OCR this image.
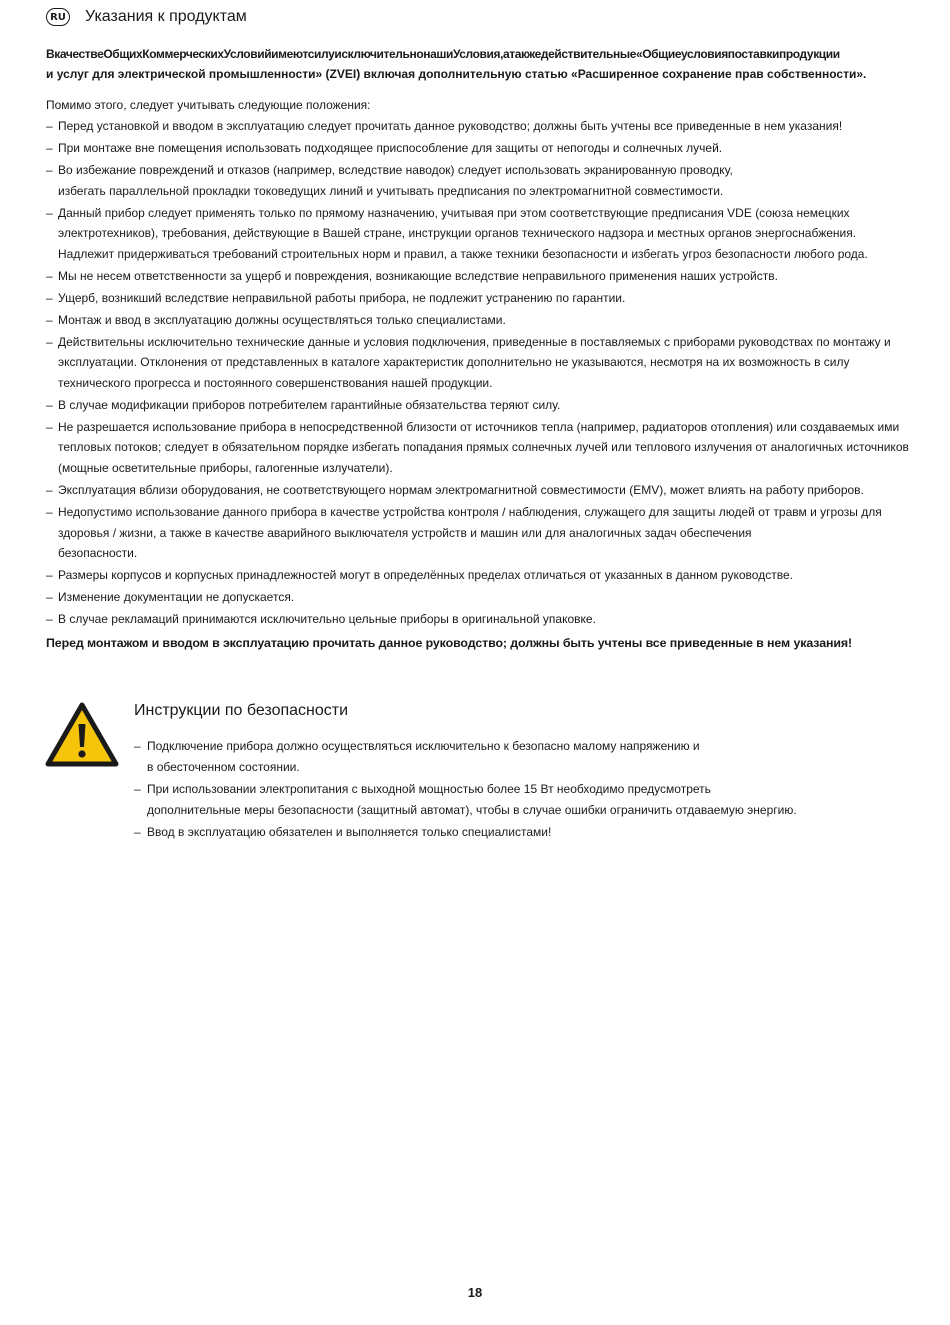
RU Указания к продуктам
ВкачествеОбщихКоммерческихУсловийимеютсилуисключительнонашиУсловия,атакжедействительные«Общиеусловияпоставкипродукции
и услуг для электрической промышленности» (ZVEI) включая дополнительную статью «Расширенное сохранение прав собственности».
Помимо этого, следует учитывать следующие положения:
– Перед установкой и вводом в эксплуатацию следует прочитать данное руководство; должны быть учтены все приведенные в нем указания!
– При монтаже вне помещения использовать подходящее приспособление для защиты от непогоды и солнечных лучей.
– Во избежание повреждений и отказов (например, вследствие наводок) следует использовать экранированную проводку,
избегать параллельной прокладки токоведущих линий и учитывать предписания по электромагнитной совместимости.
– Данный прибор следует применять только по прямому назначению, учитывая при этом соответствующие предписания VDE (союза немецких
электротехников), требования, действующие в Вашей стране, инструкции органов технического надзора и местных органов энергоснабжения.
Надлежит придерживаться требований строительных норм и правил, а также техники безопасности и избегать угроз безопасности любого рода.
– Мы не несем ответственности за ущерб и повреждения, возникающие вследствие неправильного применения наших устройств.
– Ущерб, возникший вследствие неправильной работы прибора, не подлежит устранению по гарантии.
– Монтаж и ввод в эксплуатацию должны осуществляться только специалистами.
– Действительны исключительно технические данные и условия подключения, приведенные в поставляемых с приборами руководствах по монтажу и
эксплуатации. Отклонения от представленных в каталоге характеристик дополнительно не указываются, несмотря на их возможность в силу
технического прогресса и постоянного совершенствования нашей продукции.
– В случае модификации приборов потребителем гарантийные обязательства теряют силу.
– Не разрешается использование прибора в непосредственной близости от источников тепла (например, радиаторов отопления) или создаваемых ими
тепловых потоков; следует в обязательном порядке избегать попадания прямых солнечных лучей или теплового излучения от аналогичных источников
(мощные осветительные приборы, галогенные излучатели).
– Эксплуатация вблизи оборудования, не соответствующего нормам электромагнитной совместимости (EMV), может влиять на работу приборов.
– Недопустимо использование данного прибора в качестве устройства контроля / наблюдения, служащего для защиты людей от травм и угрозы для
здоровья / жизни, а также в качестве аварийного выключателя устройств и машин или для аналогичных задач обеспечения
безопасности.
– Размеры корпусов и корпусных принадлежностей могут в определённых пределах отличаться от указанных в данном руководстве.
– Изменение документации не допускается.
– В случае рекламаций принимаются исключительно цельные приборы в оригинальной упаковке.
Перед монтажом и вводом в эксплуатацию прочитать данное руководство; должны быть учтены все приведенные в нем указания!
Инструкции по безопасности
– Подключение прибора должно осуществляться исключительно к безопасно малому напряжению и
в обесточенном состоянии.
– При использовании электропитания с выходной мощностью более 15 Вт необходимо предусмотреть
дополнительные меры безопасности (защитный автомат), чтобы в случае ошибки ограничить отдаваемую энергию.
– Ввод в эксплуатацию обязателен и выполняется только специалистами!
18
